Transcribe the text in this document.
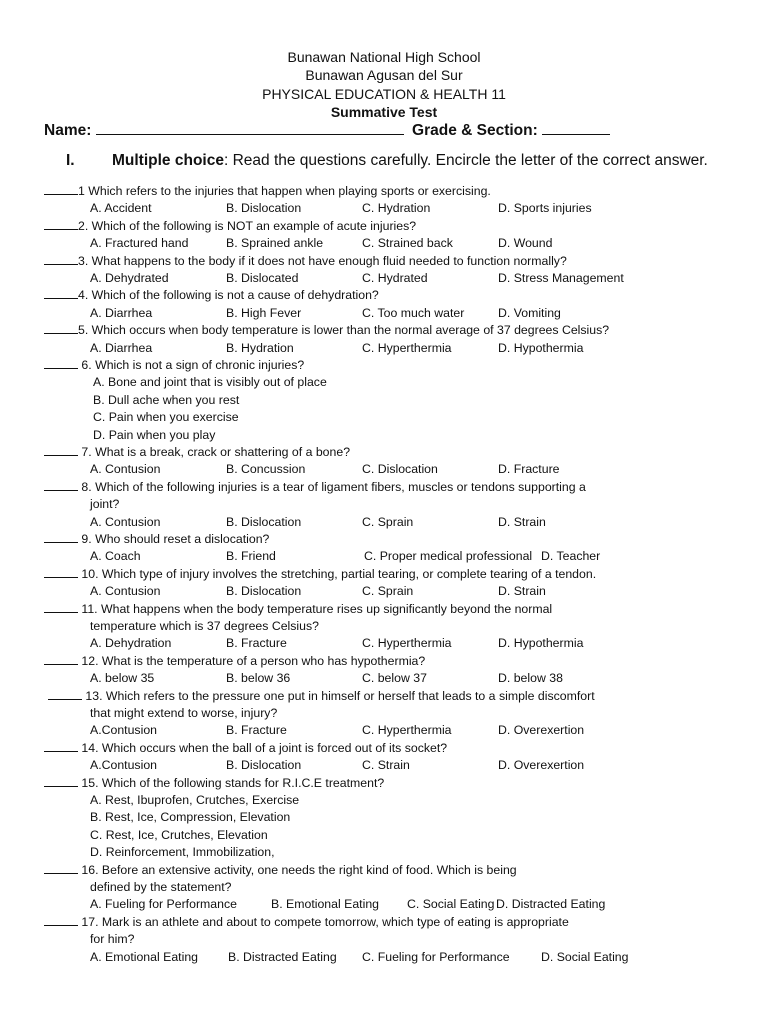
Bunawan National High School
Bunawan Agusan del Sur
PHYSICAL EDUCATION & HEALTH 11
Summative Test
Name:	Grade & Section:
I. Multiple choice: Read the questions carefully. Encircle the letter of the correct answer.
1 Which refers to the injuries that happen when playing sports or exercising.
A. Accident	B. Dislocation	C. Hydration	D. Sports injuries
2. Which of the following is NOT an example of acute injuries?
A. Fractured hand	B. Sprained ankle	C. Strained back	D. Wound
3. What happens to the body if it does not have enough fluid needed to function normally?
A. Dehydrated	B. Dislocated	C. Hydrated	D. Stress Management
4. Which of the following is not a cause of dehydration?
A. Diarrhea	B. High Fever	C. Too much water	D. Vomiting
5. Which occurs when body temperature is lower than the normal average of 37 degrees Celsius?
A. Diarrhea	B. Hydration	C. Hyperthermia	D. Hypothermia
6. Which is not a sign of chronic injuries?
A. Bone and joint that is visibly out of place
B. Dull ache when you rest
C. Pain when you exercise
D. Pain when you play
7. What is a break, crack or shattering of a bone?
A. Contusion	B. Concussion	C. Dislocation	D. Fracture
8. Which of the following injuries is a tear of ligament fibers, muscles or tendons supporting a
joint?
A. Contusion	B. Dislocation	C. Sprain	D. Strain
9. Who should reset a dislocation?
A. Coach	B. Friend	C. Proper medical professional D. Teacher
10. Which type of injury involves the stretching, partial tearing, or complete tearing of a tendon.
A. Contusion	B. Dislocation	C. Sprain	D. Strain
11. What happens when the body temperature rises up significantly beyond the normal
temperature which is 37 degrees Celsius?
A. Dehydration	B. Fracture	C. Hyperthermia	D. Hypothermia
12. What is the temperature of a person who has hypothermia?
A. below 35	B. below 36	C. below 37	D. below 38
13. Which refers to the pressure one put in himself or herself that leads to a simple discomfort
that might extend to worse, injury?
A.Contusion	B. Fracture	C. Hyperthermia	D. Overexertion
14. Which occurs when the ball of a joint is forced out of its socket?
A.Contusion	B. Dislocation	C. Strain	D. Overexertion
15. Which of the following stands for R.I.C.E treatment?
A. Rest, Ibuprofen, Crutches, Exercise
B. Rest, Ice, Compression, Elevation
C. Rest, Ice, Crutches, Elevation
D. Reinforcement, Immobilization,
16. Before an extensive activity, one needs the right kind of food. Which is being
defined by the statement?
A. Fueling for Performance	B. Emotional Eating C. Social Eating D. Distracted Eating
17. Mark is an athlete and about to compete tomorrow, which type of eating is appropriate
for him?
A. Emotional Eating B. Distracted Eating C. Fueling for Performance	D. Social Eating
